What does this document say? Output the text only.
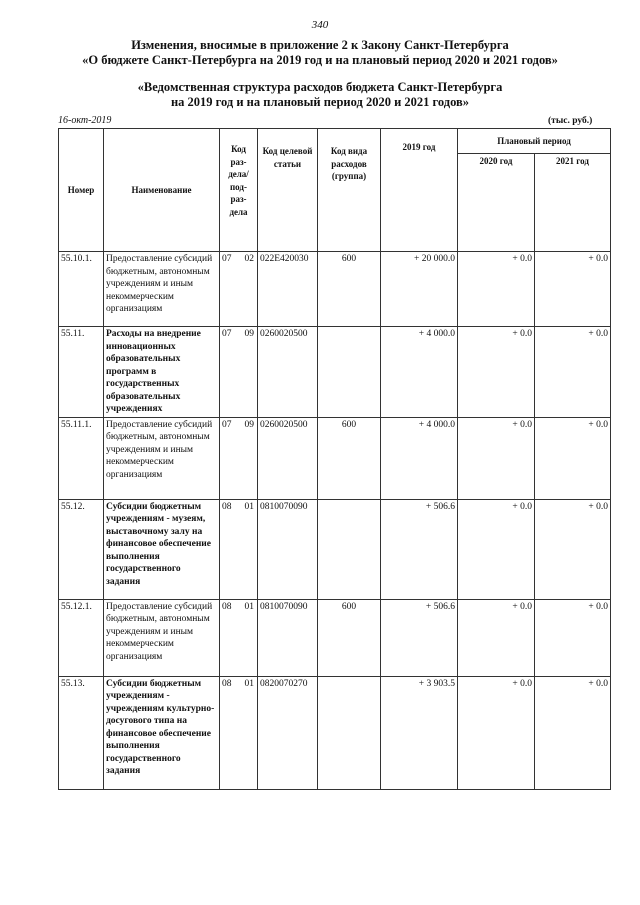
340
Изменения, вносимые в приложение 2 к Закону Санкт-Петербурга
«О бюджете Санкт-Петербурга на 2019 год и на плановый период 2020 и 2021 годов»
«Ведомственная структура расходов бюджета Санкт-Петербурга
на 2019 год и на плановый период 2020 и 2021 годов»
16-окт-2019	(тыс. руб.)
Номер	Наименование	Код раз-дела/ под-раз-дела	Код целевой статьи	Код вида расходов (группа)	2019 год	Плановый период	
						2020 год	2021 год
55.10.1.	Предоставление субсидий бюджетным, автономным учреждениям и иным некоммерческим организациям	07 02	022Е420030	600	+ 20 000.0	+ 0.0	+ 0.0
55.11.	Расходы на внедрение инновационных образовательных программ в государственных образовательных учреждениях	07 09	0260020500		+ 4 000.0	+ 0.0	+ 0.0
55.11.1.	Предоставление субсидий бюджетным, автономным учреждениям и иным некоммерческим организациям	07 09	0260020500	600	+ 4 000.0	+ 0.0	+ 0.0
55.12.	Субсидии бюджетным учреждениям - музеям, выставочному залу на финансовое обеспечение выполнения государственного задания	08 01	0810070090		+ 506.6	+ 0.0	+ 0.0
55.12.1.	Предоставление субсидий бюджетным, автономным учреждениям и иным некоммерческим организациям	08 01	0810070090	600	+ 506.6	+ 0.0	+ 0.0
55.13.	Субсидии бюджетным учреждениям - учреждениям культурно-досугового типа на финансовое обеспечение выполнения государственного задания	08 01	0820070270		+ 3 903.5	+ 0.0	+ 0.0
